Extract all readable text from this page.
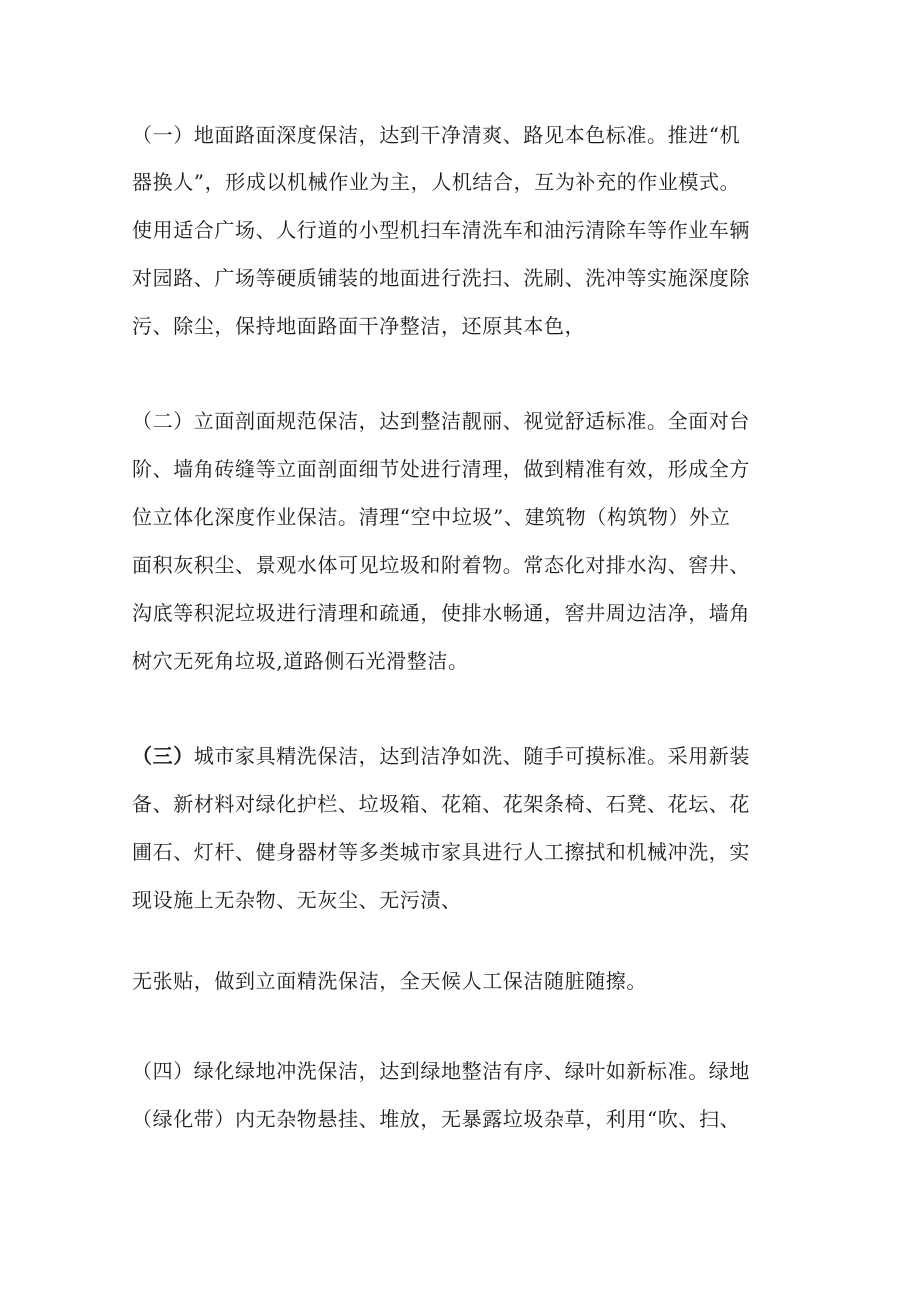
（一）地面路面深度保洁，达到干净清爽、路见本色标准。推进“机
器换人”，形成以机械作业为主，人机结合，互为补充的作业模式。
使用适合广场、人行道的小型机扫车清洗车和油污清除车等作业车辆
对园路、广场等硬质铺装的地面进行洗扫、洗刷、洗冲等实施深度除
污、除尘，保持地面路面干净整洁，还原其本色，
（二）立面剖面规范保洁，达到整洁靓丽、视觉舒适标准。全面对台
阶、墙角砖缝等立面剖面细节处进行清理，做到精准有效，形成全方
位立体化深度作业保洁。清理“空中垃圾”、建筑物（构筑物）外立
面积灰积尘、景观水体可见垃圾和附着物。常态化对排水沟、窖井、
沟底等积泥垃圾进行清理和疏通，使排水畅通，窖井周边洁净，墙角
树穴无死角垃圾,道路侧石光滑整洁。
（三）城市家具精洗保洁，达到洁净如洗、随手可摸标准。采用新装
备、新材料对绿化护栏、垃圾箱、花箱、花架条椅、石凳、花坛、花
圃石、灯杆、健身器材等多类城市家具进行人工擦拭和机械冲洗，实
现设施上无杂物、无灰尘、无污渍、
无张贴，做到立面精洗保洁，全天候人工保洁随脏随擦。
（四）绿化绿地冲洗保洁，达到绿地整洁有序、绿叶如新标准。绿地
（绿化带）内无杂物悬挂、堆放，无暴露垃圾杂草，利用“吹、扫、
